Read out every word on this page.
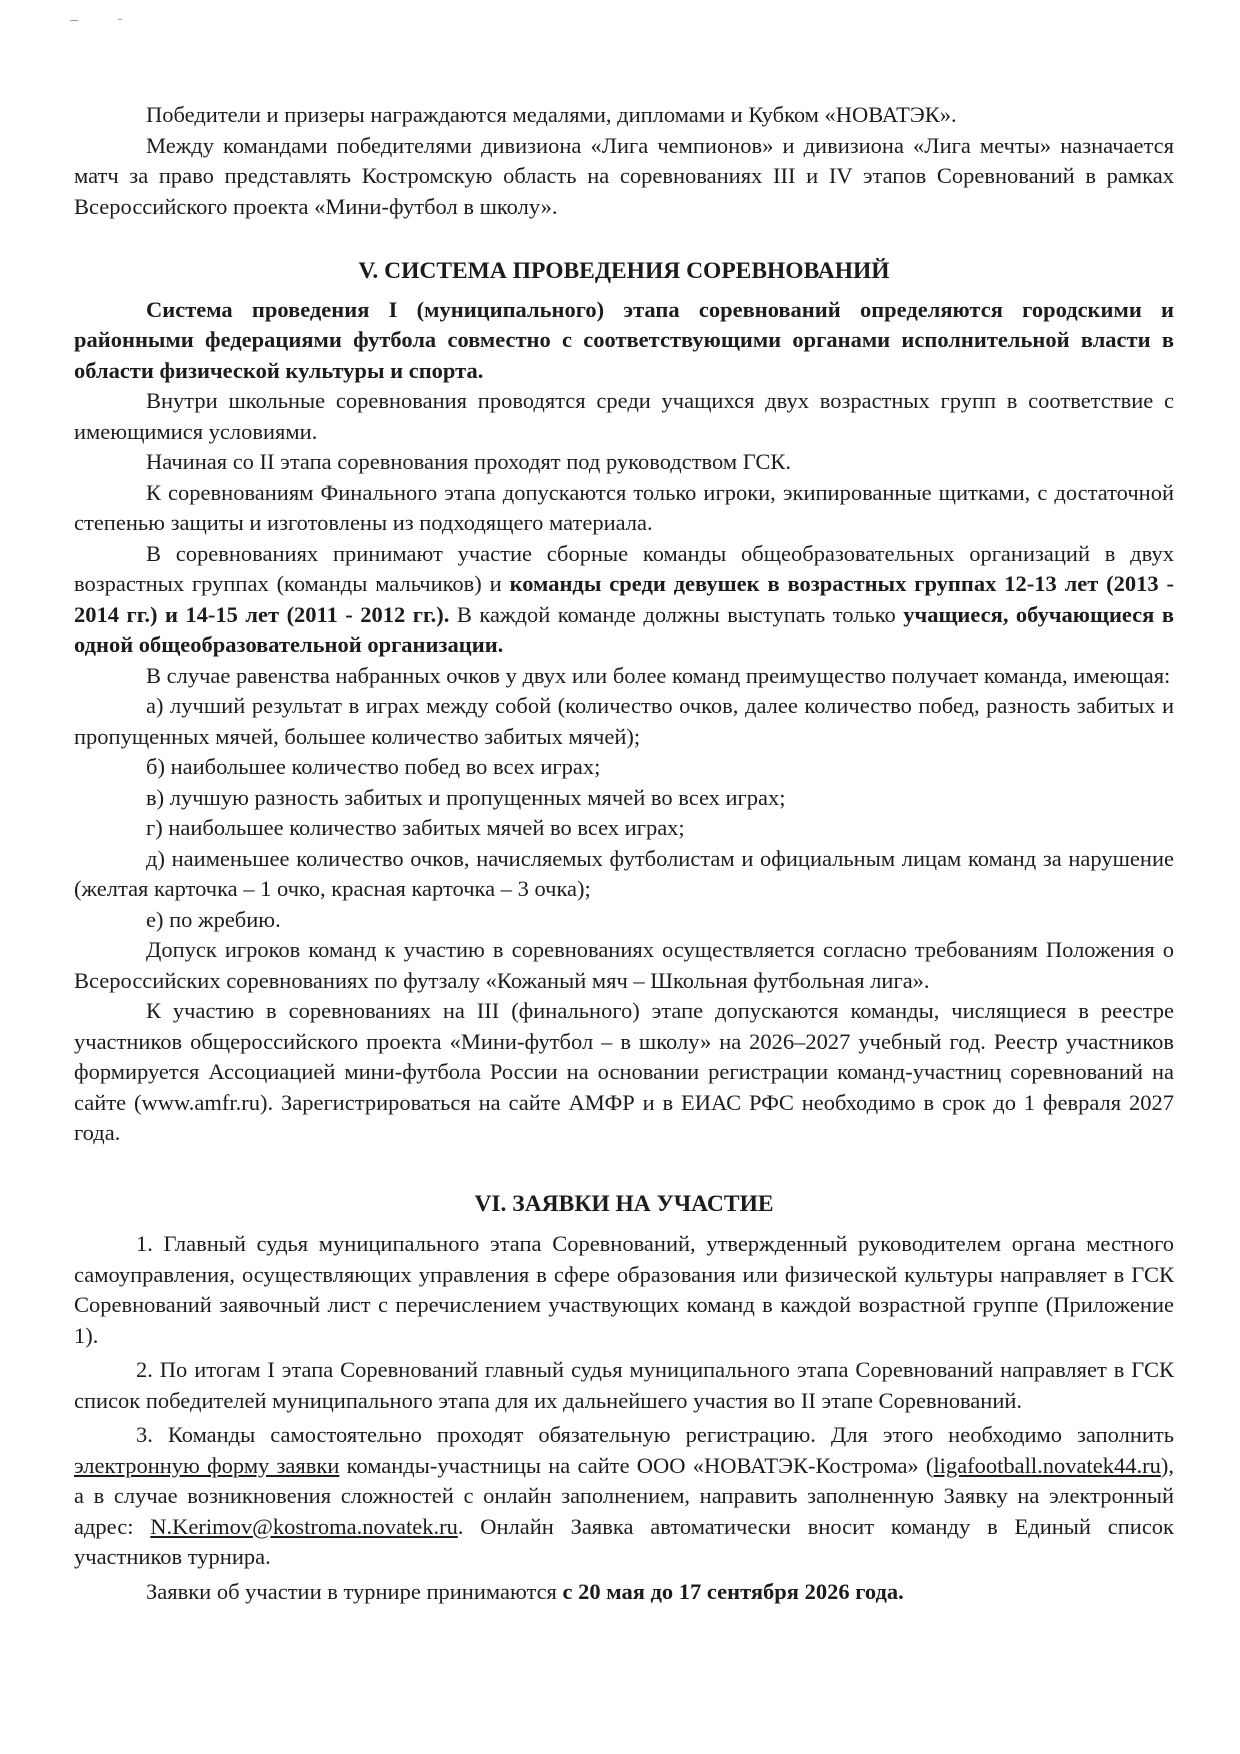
Победители и призеры награждаются медалями, дипломами и Кубком «НОВАТЭК».

Между командами победителями дивизиона «Лига чемпионов» и дивизиона «Лига мечты» назначается матч за право представлять Костромскую область на соревнованиях III и IV этапов Соревнований в рамках Всероссийского проекта «Мини-футбол в школу».

V. СИСТЕМА ПРОВЕДЕНИЯ СОРЕВНОВАНИЙ

Система проведения I (муниципального) этапа соревнований определяются городскими и районными федерациями футбола совместно с соответствующими органами исполнительной власти в области физической культуры и спорта.

Внутри школьные соревнования проводятся среди учащихся двух возрастных групп в соответствие с имеющимися условиями.

Начиная со II этапа соревнования проходят под руководством ГСК.

К соревнованиям Финального этапа допускаются только игроки, экипированные щитками, с достаточной степенью защиты и изготовлены из подходящего материала.

В соревнованиях принимают участие сборные команды общеобразовательных организаций в двух возрастных группах (команды мальчиков) и команды среди девушек в возрастных группах 12-13 лет (2013 - 2014 гг.) и 14-15 лет (2011 - 2012 гг.). В каждой команде должны выступать только учащиеся, обучающиеся в одной общеобразовательной организации.

В случае равенства набранных очков у двух или более команд преимущество получает команда, имеющая:

а) лучший результат в играх между собой (количество очков, далее количество побед, разность забитых и пропущенных мячей, большее количество забитых мячей);

б) наибольшее количество побед во всех играх;

в) лучшую разность забитых и пропущенных мячей во всех играх;

г) наибольшее количество забитых мячей во всех играх;

д) наименьшее количество очков, начисляемых футболистам и официальным лицам команд за нарушение (желтая карточка – 1 очко, красная карточка – 3 очка);

е) по жребию.

Допуск игроков команд к участию в соревнованиях осуществляется согласно требованиям Положения о Всероссийских соревнованиях по футзалу «Кожаный мяч – Школьная футбольная лига».

К участию в соревнованиях на III (финального) этапе допускаются команды, числящиеся в реестре участников общероссийского проекта «Мини-футбол – в школу» на 2026–2027 учебный год. Реестр участников формируется Ассоциацией мини-футбола России на основании регистрации команд-участниц соревнований на сайте (www.amfr.ru). Зарегистрироваться на сайте АМФР и в ЕИАС РФС необходимо в срок до 1 февраля 2027 года.

VI. ЗАЯВКИ НА УЧАСТИЕ

1. Главный судья муниципального этапа Соревнований, утвержденный руководителем органа местного самоуправления, осуществляющих управления в сфере образования или физической культуры направляет в ГСК Соревнований заявочный лист с перечислением участвующих команд в каждой возрастной группе (Приложение 1).

2. По итогам I этапа Соревнований главный судья муниципального этапа Соревнований направляет в ГСК список победителей муниципального этапа для их дальнейшего участия во II этапе Соревнований.

3. Команды самостоятельно проходят обязательную регистрацию. Для этого необходимо заполнить электронную форму заявки команды-участницы на сайте ООО «НОВАТЭК-Кострома» (ligafootball.novatek44.ru), а в случае возникновения сложностей с онлайн заполнением, направить заполненную Заявку на электронный адрес: N.Kerimov@kostroma.novatek.ru. Онлайн Заявка автоматически вносит команду в Единый список участников турнира.

Заявки об участии в турнире принимаются с 20 мая до 17 сентября 2026 года.
